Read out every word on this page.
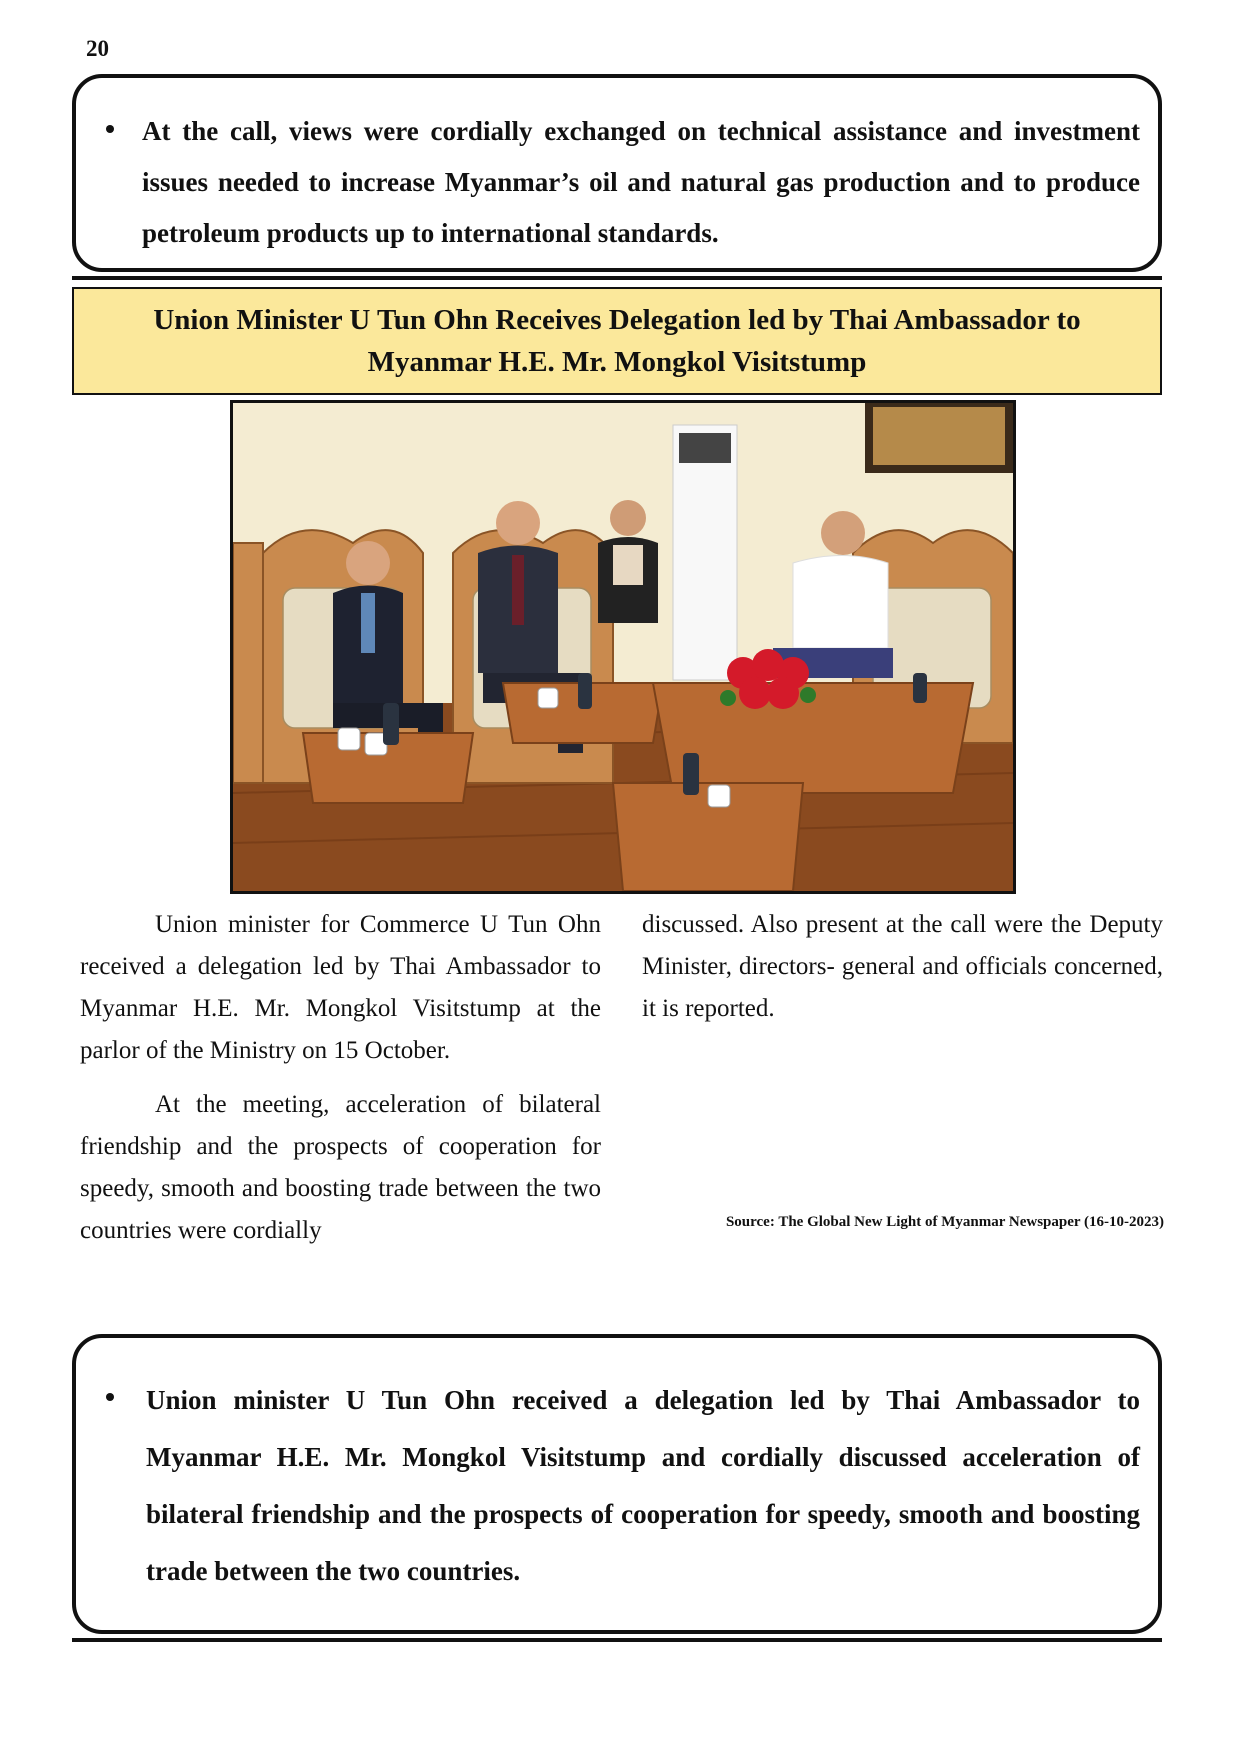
20
At the call, views were cordially exchanged on technical assistance and investment issues needed to increase Myanmar’s oil and natural gas production and to produce petroleum products up to international standards.
Union Minister U Tun Ohn Receives Delegation led by Thai Ambassador to Myanmar H.E. Mr. Mongkol Visitstump

Union minister for Commerce U Tun Ohn received a delegation led by Thai Ambassador to Myanmar H.E. Mr. Mongkol Visitstump at the parlor of the Ministry on 15 October.

At the meeting, acceleration of bilateral friendship and the prospects of cooperation for speedy, smooth and boosting trade between the two countries were cordially

discussed. Also present at the call were the Deputy Minister, directors- general and officials concerned, it is reported.

Source: The Global New Light of Myanmar Newspaper (16-10-2023)
Union minister U Tun Ohn received a delegation led by Thai Ambassador to Myanmar H.E. Mr. Mongkol Visitstump and cordially discussed acceleration of bilateral friendship and the prospects of cooperation for speedy, smooth and boosting trade between the two countries.
